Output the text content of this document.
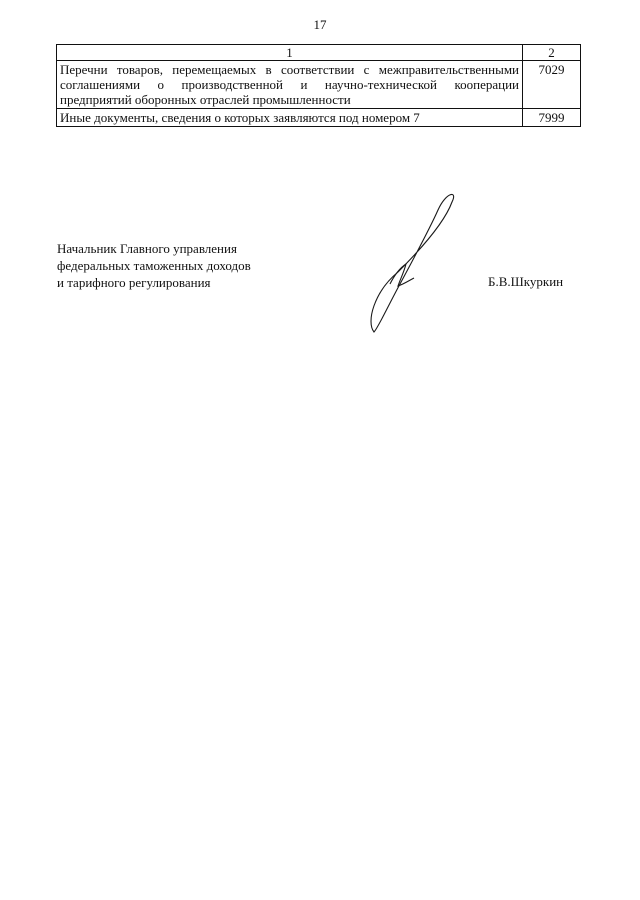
17
1	2
Перечни товаров, перемещаемых в соответствии с межправительственными соглашениями о производственной и научно-технической кооперации предприятий оборонных отраслей промышленности	7029
Иные документы, сведения о которых заявляются под номером 7	7999
Начальник Главного управления
федеральных таможенных доходов
и тарифного регулирования	Б.В.Шкуркин
